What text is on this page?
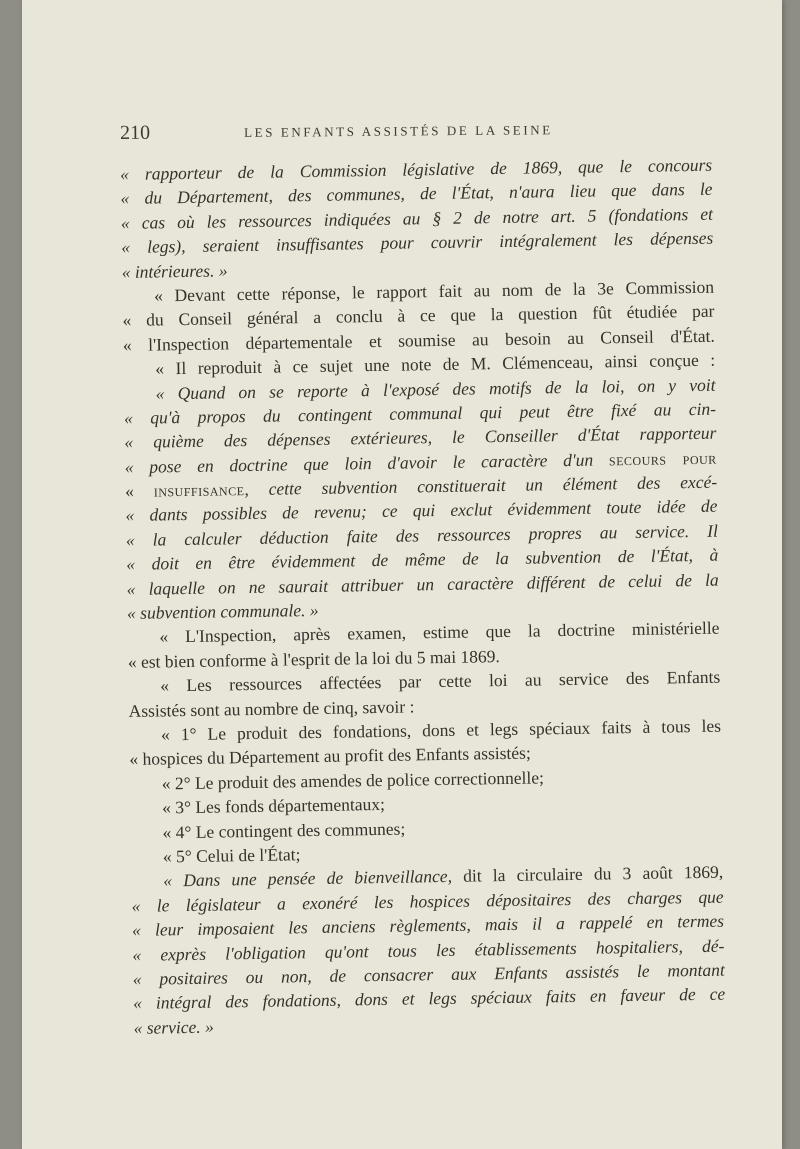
210	LES ENFANTS ASSISTÉS DE LA SEINE
« rapporteur de la Commission législative de 1869, que le concours
« du Département, des communes, de l'État, n'aura lieu que dans le
« cas où les ressources indiquées au § 2 de notre art. 5 (fondations et
« legs), seraient insuffisantes pour couvrir intégralement les dépenses
« intérieures. »
« Devant cette réponse, le rapport fait au nom de la 3e Commission
« du Conseil général a conclu à ce que la question fût étudiée par
« l'Inspection départementale et soumise au besoin au Conseil d'État.
« Il reproduit à ce sujet une note de M. Clémenceau, ainsi conçue :
« Quand on se reporte à l'exposé des motifs de la loi, on y voit
« qu'à propos du contingent communal qui peut être fixé au cin-
« quième des dépenses extérieures, le Conseiller d'État rapporteur
« pose en doctrine que loin d'avoir le caractère d'un secours pour
« insuffisance, cette subvention constituerait un élément des excé-
« dants possibles de revenu; ce qui exclut évidemment toute idée de
« la calculer déduction faite des ressources propres au service. Il
« doit en être évidemment de même de la subvention de l'État, à
« laquelle on ne saurait attribuer un caractère différent de celui de la
« subvention communale. »
« L'Inspection, après examen, estime que la doctrine ministérielle
« est bien conforme à l'esprit de la loi du 5 mai 1869.
« Les ressources affectées par cette loi au service des Enfants
Assistés sont au nombre de cinq, savoir :
« 1° Le produit des fondations, dons et legs spéciaux faits à tous les
« hospices du Département au profit des Enfants assistés;
« 2° Le produit des amendes de police correctionnelle;
« 3° Les fonds départementaux;
« 4° Le contingent des communes;
« 5° Celui de l'État;
« Dans une pensée de bienveillance, dit la circulaire du 3 août 1869,
« le législateur a exonéré les hospices dépositaires des charges que
« leur imposaient les anciens règlements, mais il a rappelé en termes
« exprès l'obligation qu'ont tous les établissements hospitaliers, dé-
« positaires ou non, de consacrer aux Enfants assistés le montant
« intégral des fondations, dons et legs spéciaux faits en faveur de ce
« service. »
